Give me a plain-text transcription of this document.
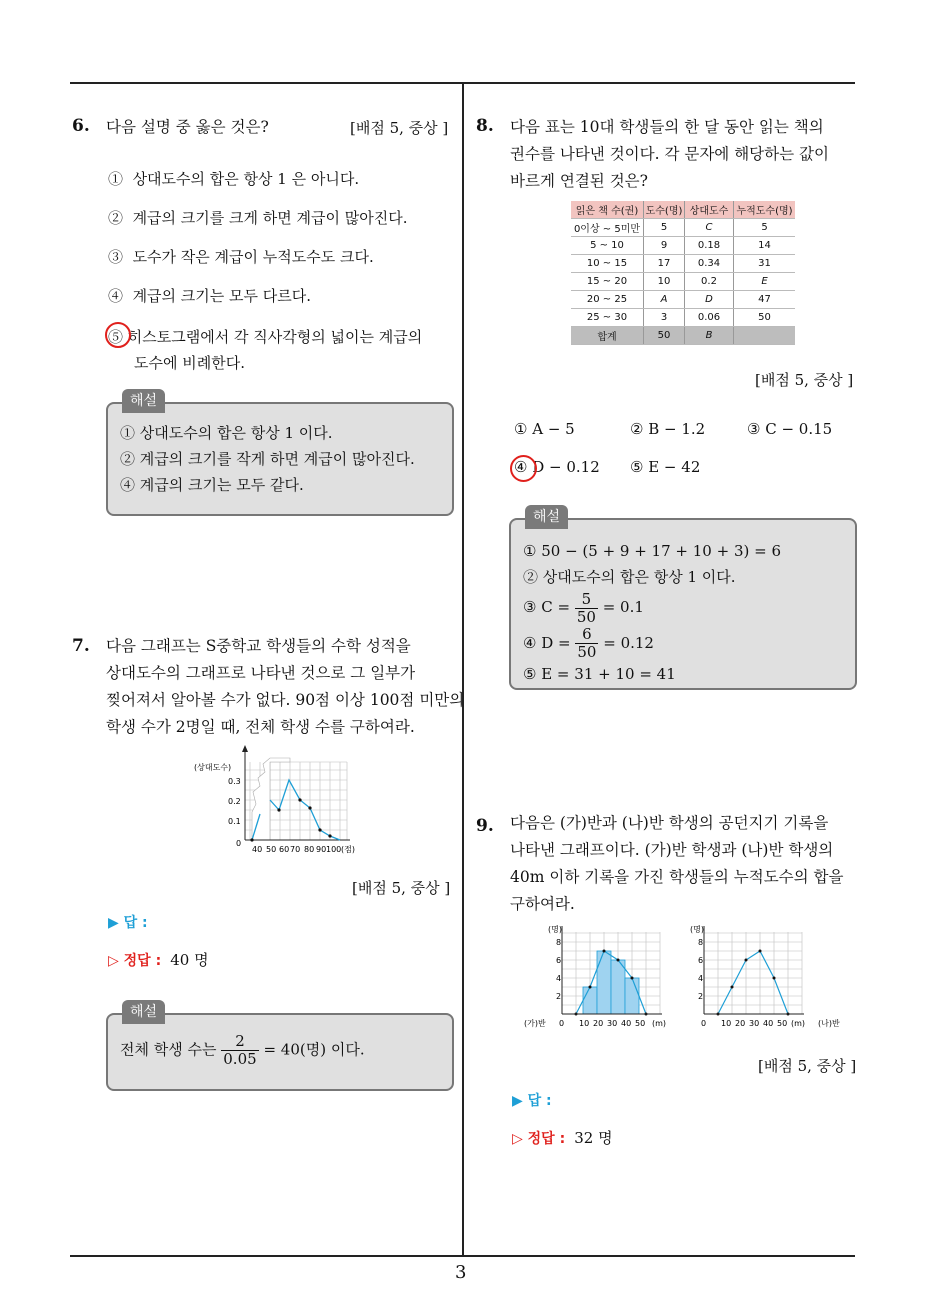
3
6. 다음 설명 중 옳은 것은?	[배점 5, 중상 ]
① 상대도수의 합은 항상 1 은 아니다.
② 계급의 크기를 크게 하면 계급이 많아진다.
③ 도수가 작은 계급이 누적도수도 크다.
④ 계급의 크기는 모두 다르다.
⑤ 히스토그램에서 각 직사각형의 넓이는 계급의
도수에 비례한다.
해설
① 상대도수의 합은 항상 1 이다.
② 계급의 크기를 작게 하면 계급이 많아진다.
④ 계급의 크기는 모두 같다.
7. 다음 그래프는 S중학교 학생들의 수학 성적을
상대도수의 그래프로 나타낸 것으로 그 일부가
찢어져서 알아볼 수가 없다. 90점 이상 100점 미만의
학생 수가 2명일 때, 전체 학생 수를 구하여라.
(상대도수)
0.3
0.2
0.1
0
40 50 60 70 80 90 100 (점)
[배점 5, 중상 ]
▶ 답 :
▷ 정답 : 40 명
해설
전체 학생 수는 $\frac{2}{0.05} = 40$(명) 이다.
8. 다음 표는 10대 학생들의 한 달 동안 읽는 책의
권수를 나타낸 것이다. 각 문자에 해당하는 값이
바르게 연결된 것은?
읽은 책 수(권)	도수(명)	상대도수	누적도수(명)
0이상 ~ 5미만	5	C	5
5 ~ 10	9	0.18	14
10 ~ 15	17	0.34	31
15 ~ 20	10	0.2	E
20 ~ 25	A	D	47
25 ~ 30	3	0.06	50
합계	50	B	
[배점 5, 중상 ]
① A − 5	② B − 1.2	③ C − 0.15
④ D − 0.12 ⑤ E − 42
해설
① 50 − (5 + 9 + 17 + 10 + 3) = 6
② 상대도수의 합은 항상 1 이다.
③ $C = \frac{5}{50} = 0.1$
④ $D = \frac{6}{50} = 0.12$
⑤ E = 31 + 10 = 41
9. 다음은 (가)반과 (나)반 학생의 공던지기 기록을
나타낸 그래프이다. (가)반 학생과 (나)반 학생의
40m 이하 기록을 가진 학생들의 누적도수의 합을
구하여라.
(명)
8
6
4
2
(가)반 0 10 20 30 40 50 (m)
(명)
8
6
4
2
0 10 20 30 40 50 (m) (나)반
[배점 5, 중상 ]
▶ 답 :
▷ 정답 : 32 명
